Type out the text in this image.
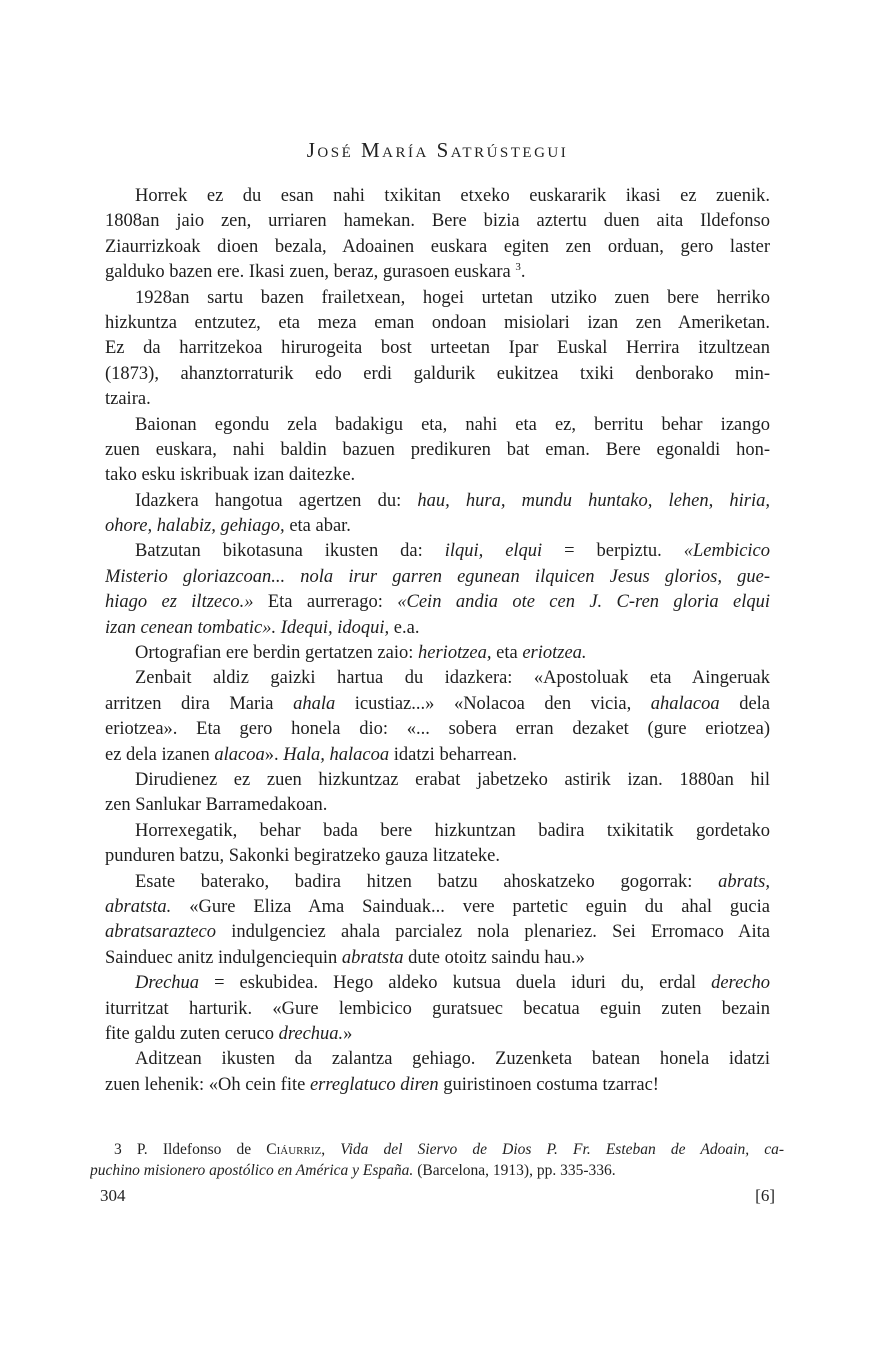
José María Satrústegui
Horrek ez du esan nahi txikitan etxeko euskararik ikasi ez zuenik.
1808an jaio zen, urriaren hamekan. Bere bizia aztertu duen aita Ildefonso
Ziaurrizkoak dioen bezala, Adoainen euskara egiten zen orduan, gero laster
galduko bazen ere. Ikasi zuen, beraz, gurasoen euskara $^3$.
1928an sartu bazen frailetxean, hogei urtetan utziko zuen bere herriko
hizkuntza entzutez, eta meza eman ondoan misiolari izan zen Ameriketan.
Ez da harritzekoa hirurogeita bost urteetan Ipar Euskal Herrira itzultzean
(1873), ahanztorraturik edo erdi galdurik eukitzea txiki denborako min-
tzaira.
Baionan egondu zela badakigu eta, nahi eta ez, berritu behar izango
zuen euskara, nahi baldin bazuen predikuren bat eman. Bere egonaldi hon-
tako esku iskribuak izan daitezke.
Idazkera hangotua agertzen du: hau, hura, mundu huntako, lehen, hiria,
ohore, halabiz, gehiago, eta abar.
Batzutan bikotasuna ikusten da: ilqui, elqui = berpiztu. «Lembicico
Misterio gloriazcoan... nola irur garren egunean ilquicen Jesus glorios, gue-
hiago ez iltzeco.» Eta aurrerago: «Cein andia ote cen J. C-ren gloria elqui
izan cenean tombatic». Idequi, idoqui, e.a.
Ortografian ere berdin gertatzen zaio: heriotzea, eta eriotzea.
Zenbait aldiz gaizki hartua du idazkera: «Apostoluak eta Aingeruak
arritzen dira Maria ahala icustiaz...» «Nolacoa den vicia, ahalacoa dela
eriotzea». Eta gero honela dio: «... sobera erran dezaket (gure eriotzea)
ez dela izanen alacoa». Hala, halacoa idatzi beharrean.
Dirudienez ez zuen hizkuntzaz erabat jabetzeko astirik izan. 1880an hil
zen Sanlukar Barramedakoan.
Horrexegatik, behar bada bere hizkuntzan badira txikitatik gordetako
punduren batzu, Sakonki begiratzeko gauza litzateke.
Esate baterako, badira hitzen batzu ahoskatzeko gogorrak: abrats,
abratsta. «Gure Eliza Ama Sainduak... vere partetic eguin du ahal gucia
abratsarazteco indulgenciez ahala parcialez nola plenariez. Sei Erromaco Aita
Sainduec anitz indulgenciequin abratsta dute otoitz saindu hau.»
Drechua = eskubidea. Hego aldeko kutsua duela iduri du, erdal derecho
iturritzat harturik. «Gure lembicico guratsuec becatua eguin zuten bezain
fite galdu zuten ceruco drechua.»
Aditzean ikusten da zalantza gehiago. Zuzenketa batean honela idatzi
zuen lehenik: «Oh cein fite erreglatuco diren guiristinoen costuma tzarrac!
3 P. Ildefonso de Ciáurriz, Vida del Siervo de Dios P. Fr. Esteban de Adoain, ca-
puchino misionero apostólico en América y España. (Barcelona, 1913), pp. 335-336.
304	[6]
